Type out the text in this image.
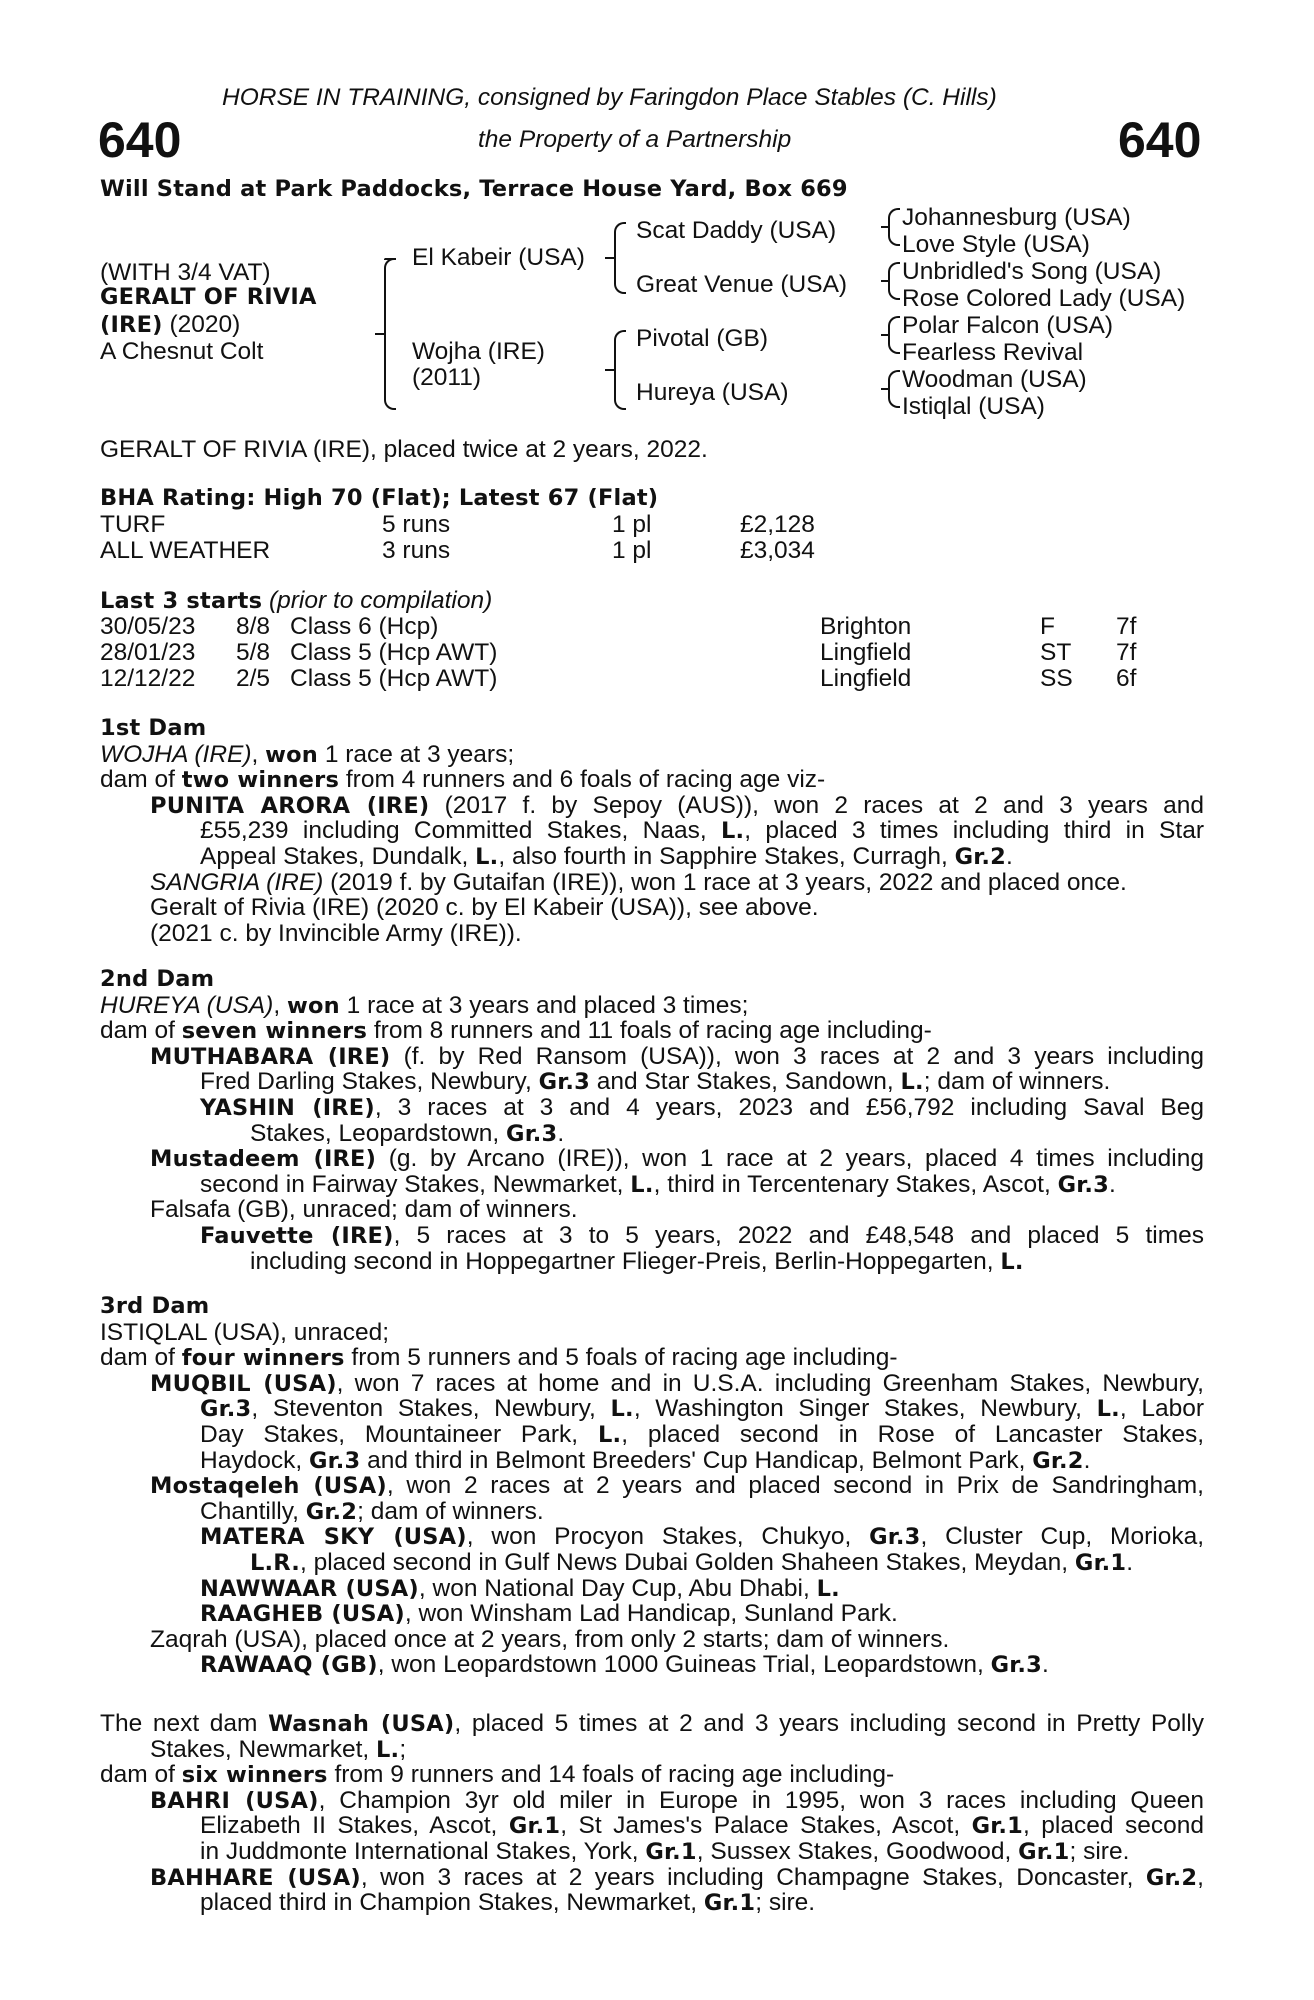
HORSE IN TRAINING, consigned by Faringdon Place Stables (C. Hills)
640	the Property of a Partnership	640
Will Stand at Park Paddocks, Terrace House Yard, Box 669
(WITH 3/4 VAT)
GERALT OF RIVIA
(IRE) (2020)
A Chesnut Colt
El Kabeir (USA)
Wojha (IRE)
(2011)
Scat Daddy (USA)
Great Venue (USA)
Pivotal (GB)
Hureya (USA)
Johannesburg (USA)
Love Style (USA)
Unbridled's Song (USA)
Rose Colored Lady (USA)
Polar Falcon (USA)
Fearless Revival
Woodman (USA)
Istiqlal (USA)
GERALT OF RIVIA (IRE), placed twice at 2 years, 2022.
BHA Rating: High 70 (Flat); Latest 67 (Flat)
TURF	5 runs	1 pl	£2,128
ALL WEATHER	3 runs	1 pl	£3,034
Last 3 starts (prior to compilation)
30/05/23 8/8 Class 6 (Hcp)	Brighton	F 7f
28/01/23 5/8 Class 5 (Hcp AWT)	Lingfield	ST 7f
12/12/22 2/5 Class 5 (Hcp AWT)	Lingfield	SS 6f
1st Dam
WOJHA (IRE), won 1 race at 3 years;
dam of two winners from 4 runners and 6 foals of racing age viz-
PUNITA ARORA (IRE) (2017 f. by Sepoy (AUS)), won 2 races at 2 and 3 years and
£55,239 including Committed Stakes, Naas, L., placed 3 times including third in Star
Appeal Stakes, Dundalk, L., also fourth in Sapphire Stakes, Curragh, Gr.2.
SANGRIA (IRE) (2019 f. by Gutaifan (IRE)), won 1 race at 3 years, 2022 and placed once.
Geralt of Rivia (IRE) (2020 c. by El Kabeir (USA)), see above.
(2021 c. by Invincible Army (IRE)).
2nd Dam
HUREYA (USA), won 1 race at 3 years and placed 3 times;
dam of seven winners from 8 runners and 11 foals of racing age including-
MUTHABARA (IRE) (f. by Red Ransom (USA)), won 3 races at 2 and 3 years including
Fred Darling Stakes, Newbury, Gr.3 and Star Stakes, Sandown, L.; dam of winners.
YASHIN (IRE), 3 races at 3 and 4 years, 2023 and £56,792 including Saval Beg
Stakes, Leopardstown, Gr.3.
Mustadeem (IRE) (g. by Arcano (IRE)), won 1 race at 2 years, placed 4 times including
second in Fairway Stakes, Newmarket, L., third in Tercentenary Stakes, Ascot, Gr.3.
Falsafa (GB), unraced; dam of winners.
Fauvette (IRE), 5 races at 3 to 5 years, 2022 and £48,548 and placed 5 times
including second in Hoppegartner Flieger-Preis, Berlin-Hoppegarten, L.
3rd Dam
ISTIQLAL (USA), unraced;
dam of four winners from 5 runners and 5 foals of racing age including-
MUQBIL (USA), won 7 races at home and in U.S.A. including Greenham Stakes, Newbury,
Gr.3, Steventon Stakes, Newbury, L., Washington Singer Stakes, Newbury, L., Labor
Day Stakes, Mountaineer Park, L., placed second in Rose of Lancaster Stakes,
Haydock, Gr.3 and third in Belmont Breeders' Cup Handicap, Belmont Park, Gr.2.
Mostaqeleh (USA), won 2 races at 2 years and placed second in Prix de Sandringham,
Chantilly, Gr.2; dam of winners.
MATERA SKY (USA), won Procyon Stakes, Chukyo, Gr.3, Cluster Cup, Morioka,
L.R., placed second in Gulf News Dubai Golden Shaheen Stakes, Meydan, Gr.1.
NAWWAAR (USA), won National Day Cup, Abu Dhabi, L.
RAAGHEB (USA), won Winsham Lad Handicap, Sunland Park.
Zaqrah (USA), placed once at 2 years, from only 2 starts; dam of winners.
RAWAAQ (GB), won Leopardstown 1000 Guineas Trial, Leopardstown, Gr.3.
The next dam Wasnah (USA), placed 5 times at 2 and 3 years including second in Pretty Polly
Stakes, Newmarket, L.;
dam of six winners from 9 runners and 14 foals of racing age including-
BAHRI (USA), Champion 3yr old miler in Europe in 1995, won 3 races including Queen
Elizabeth II Stakes, Ascot, Gr.1, St James's Palace Stakes, Ascot, Gr.1, placed second
in Juddmonte International Stakes, York, Gr.1, Sussex Stakes, Goodwood, Gr.1; sire.
BAHHARE (USA), won 3 races at 2 years including Champagne Stakes, Doncaster, Gr.2,
placed third in Champion Stakes, Newmarket, Gr.1; sire.
